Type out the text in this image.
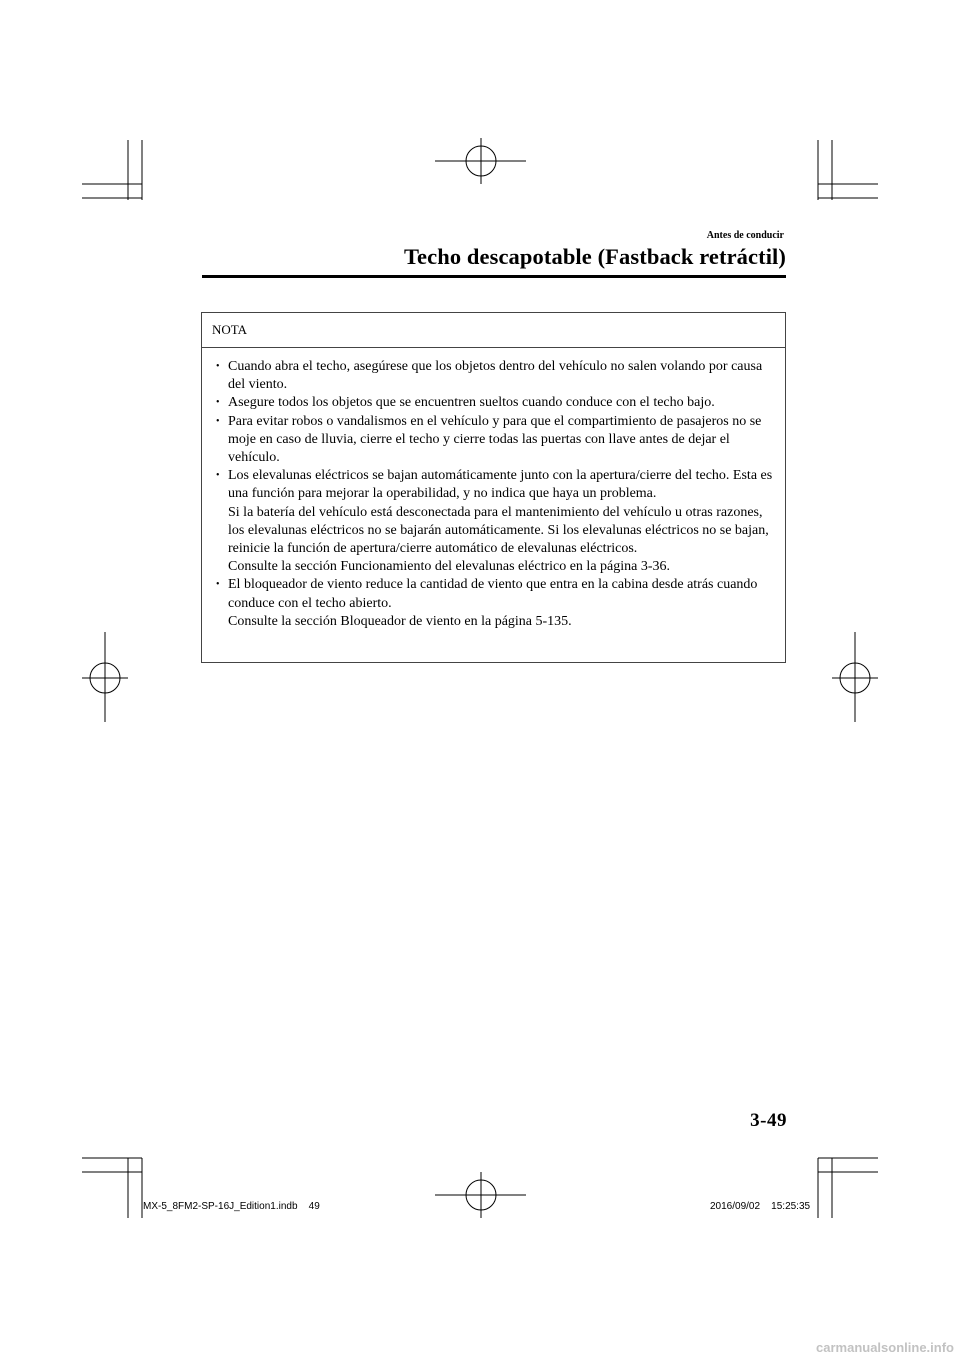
Antes de conducir
Techo descapotable (Fastback retráctil)
NOTA
• Cuando abra el techo, asegúrese que los objetos dentro del vehículo no salen volando por causa del viento.
• Asegure todos los objetos que se encuentren sueltos cuando conduce con el techo bajo.
• Para evitar robos o vandalismos en el vehículo y para que el compartimiento de pasajeros no se moje en caso de lluvia, cierre el techo y cierre todas las puertas con llave antes de dejar el vehículo.
• Los elevalunas eléctricos se bajan automáticamente junto con la apertura/cierre del techo. Esta es una función para mejorar la operabilidad, y no indica que haya un problema.
Si la batería del vehículo está desconectada para el mantenimiento del vehículo u otras razones, los elevalunas eléctricos no se bajarán automáticamente. Si los elevalunas eléctricos no se bajan, reinicie la función de apertura/cierre automático de elevalunas eléctricos.
Consulte la sección Funcionamiento del elevalunas eléctrico en la página 3-36.
• El bloqueador de viento reduce la cantidad de viento que entra en la cabina desde atrás cuando conduce con el techo abierto.
Consulte la sección Bloqueador de viento en la página 5-135.
3-49
MX-5_8FM2-SP-16J_Edition1.indb    49	2016/09/02    15:25:35
carmanualsonline.info
